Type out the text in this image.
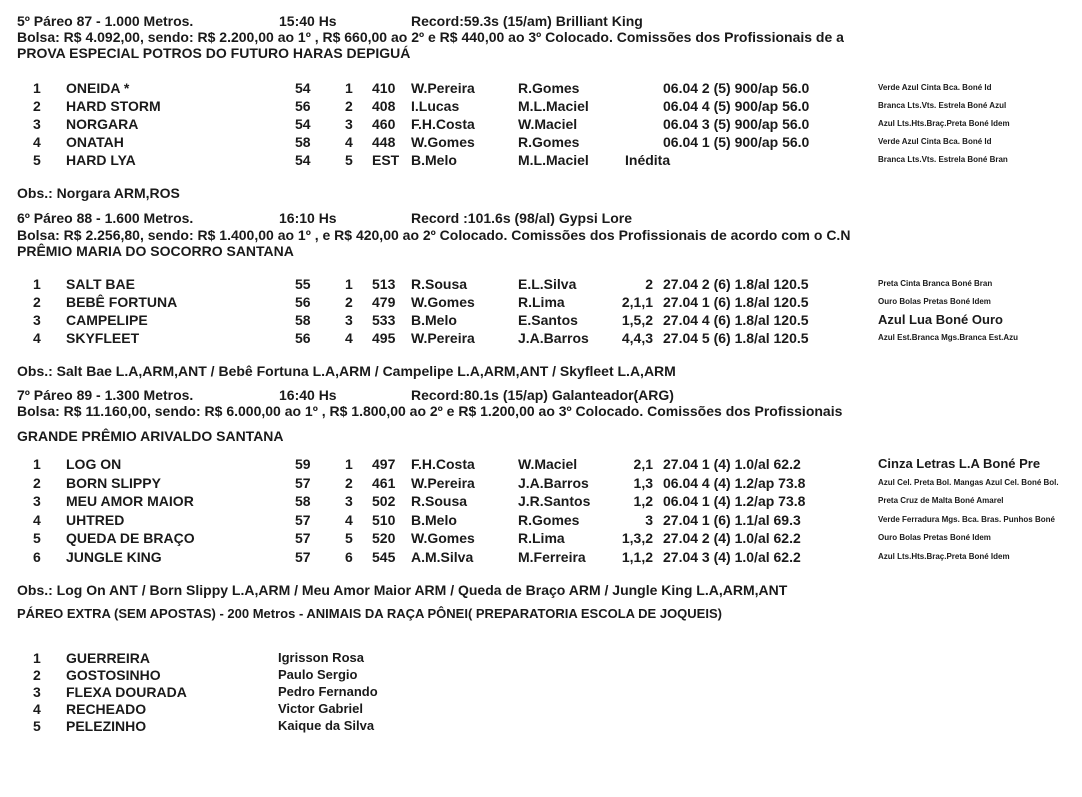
5º Páreo 87 - 1.000 Metros.	15:40 Hs	Record:59.3s (15/am) Brilliant King
Bolsa: R$ 4.092,00, sendo: R$ 2.200,00 ao 1º , R$ 660,00 ao 2º e R$ 440,00 ao 3º Colocado. Comissões dos Profissionais de a
PROVA ESPECIAL POTROS DO FUTURO HARAS DEPIGUÁ
1	ONEIDA *	54 1 410 W.Pereira	R.Gomes	06.04 2 (5) 900/ap 56.0	Verde Azul Cinta Bca. Boné Id
2	HARD STORM	56 2 408 I.Lucas	M.L.Maciel	06.04 4 (5) 900/ap 56.0	Branca Lts.Vts. Estrela Boné Azul
3	NORGARA	54 3 460 F.H.Costa	W.Maciel	06.04 3 (5) 900/ap 56.0	Azul Lts.Hts.Braç.Preta Boné Idem
4	ONATAH	58 4 448 W.Gomes	R.Gomes	06.04 1 (5) 900/ap 56.0	Verde Azul Cinta Bca. Boné Id
5	HARD LYA	54 5 EST B.Melo	M.L.Maciel	Inédita	Branca Lts.Vts. Estrela Boné Bran
Obs.: Norgara ARM,ROS
6º Páreo 88 - 1.600 Metros.	16:10 Hs	Record :101.6s (98/al) Gypsi Lore
Bolsa: R$ 2.256,80, sendo: R$ 1.400,00 ao 1º , e R$ 420,00 ao 2º Colocado. Comissões dos Profissionais de acordo com o C.N
PRÊMIO MARIA DO SOCORRO SANTANA
1	SALT BAE	55 1 513 R.Sousa	E.L.Silva	2 27.04 2 (6) 1.8/al 120.5	Preta Cinta Branca Boné Bran
2	BEBÊ FORTUNA	56 2 479 W.Gomes	R.Lima	2,1,1 27.04 1 (6) 1.8/al 120.5	Ouro Bolas Pretas Boné Idem
3	CAMPELIPE	58 3 533 B.Melo	E.Santos	1,5,2 27.04 4 (6) 1.8/al 120.5	Azul Lua Boné Ouro
4	SKYFLEET	56 4 495 W.Pereira	J.A.Barros	4,4,3 27.04 5 (6) 1.8/al 120.5	Azul Est.Branca Mgs.Branca Est.Azu
Obs.: Salt Bae L.A,ARM,ANT / Bebê Fortuna L.A,ARM / Campelipe L.A,ARM,ANT / Skyfleet L.A,ARM
7º Páreo 89 - 1.300 Metros.	16:40 Hs	Record:80.1s (15/ap) Galanteador(ARG)
Bolsa: R$ 11.160,00, sendo: R$ 6.000,00 ao 1º , R$ 1.800,00 ao 2º e R$ 1.200,00 ao 3º Colocado. Comissões dos Profissionais
GRANDE PRÊMIO ARIVALDO SANTANA
1	LOG ON	59 1 497 F.H.Costa	W.Maciel	2,1 27.04 1 (4) 1.0/al 62.2	Cinza Letras L.A Boné Pre
2	BORN SLIPPY	57 2 461 W.Pereira	J.A.Barros	1,3 06.04 4 (4) 1.2/ap 73.8	Azul Cel. Preta Bol. Mangas Azul Cel. Boné Bol.
3	MEU AMOR MAIOR	58 3 502 R.Sousa	J.R.Santos	1,2 06.04 1 (4) 1.2/ap 73.8	Preta Cruz de Malta Boné Amarel
4	UHTRED	57 4 510 B.Melo	R.Gomes	3 27.04 1 (6) 1.1/al 69.3	Verde Ferradura Mgs. Bca. Bras. Punhos Boné
5	QUEDA DE BRAÇO	57 5 520 W.Gomes	R.Lima	1,3,2 27.04 2 (4) 1.0/al 62.2	Ouro Bolas Pretas Boné Idem
6	JUNGLE KING	57 6 545 A.M.Silva	M.Ferreira	1,1,2 27.04 3 (4) 1.0/al 62.2	Azul Lts.Hts.Braç.Preta Boné Idem
Obs.: Log On ANT / Born Slippy L.A,ARM / Meu Amor Maior ARM / Queda de Braço ARM / Jungle King L.A,ARM,ANT
PÁREO EXTRA (SEM APOSTAS) - 200 Metros - ANIMAIS DA RAÇA PÔNEI( PREPARATORIA ESCOLA DE JOQUEIS)
1 GUERREIRA	Igrisson Rosa
2 GOSTOSINHO	Paulo Sergio
3 FLEXA DOURADA	Pedro Fernando
4 RECHEADO	Victor Gabriel
5 PELEZINHO	Kaique da Silva
